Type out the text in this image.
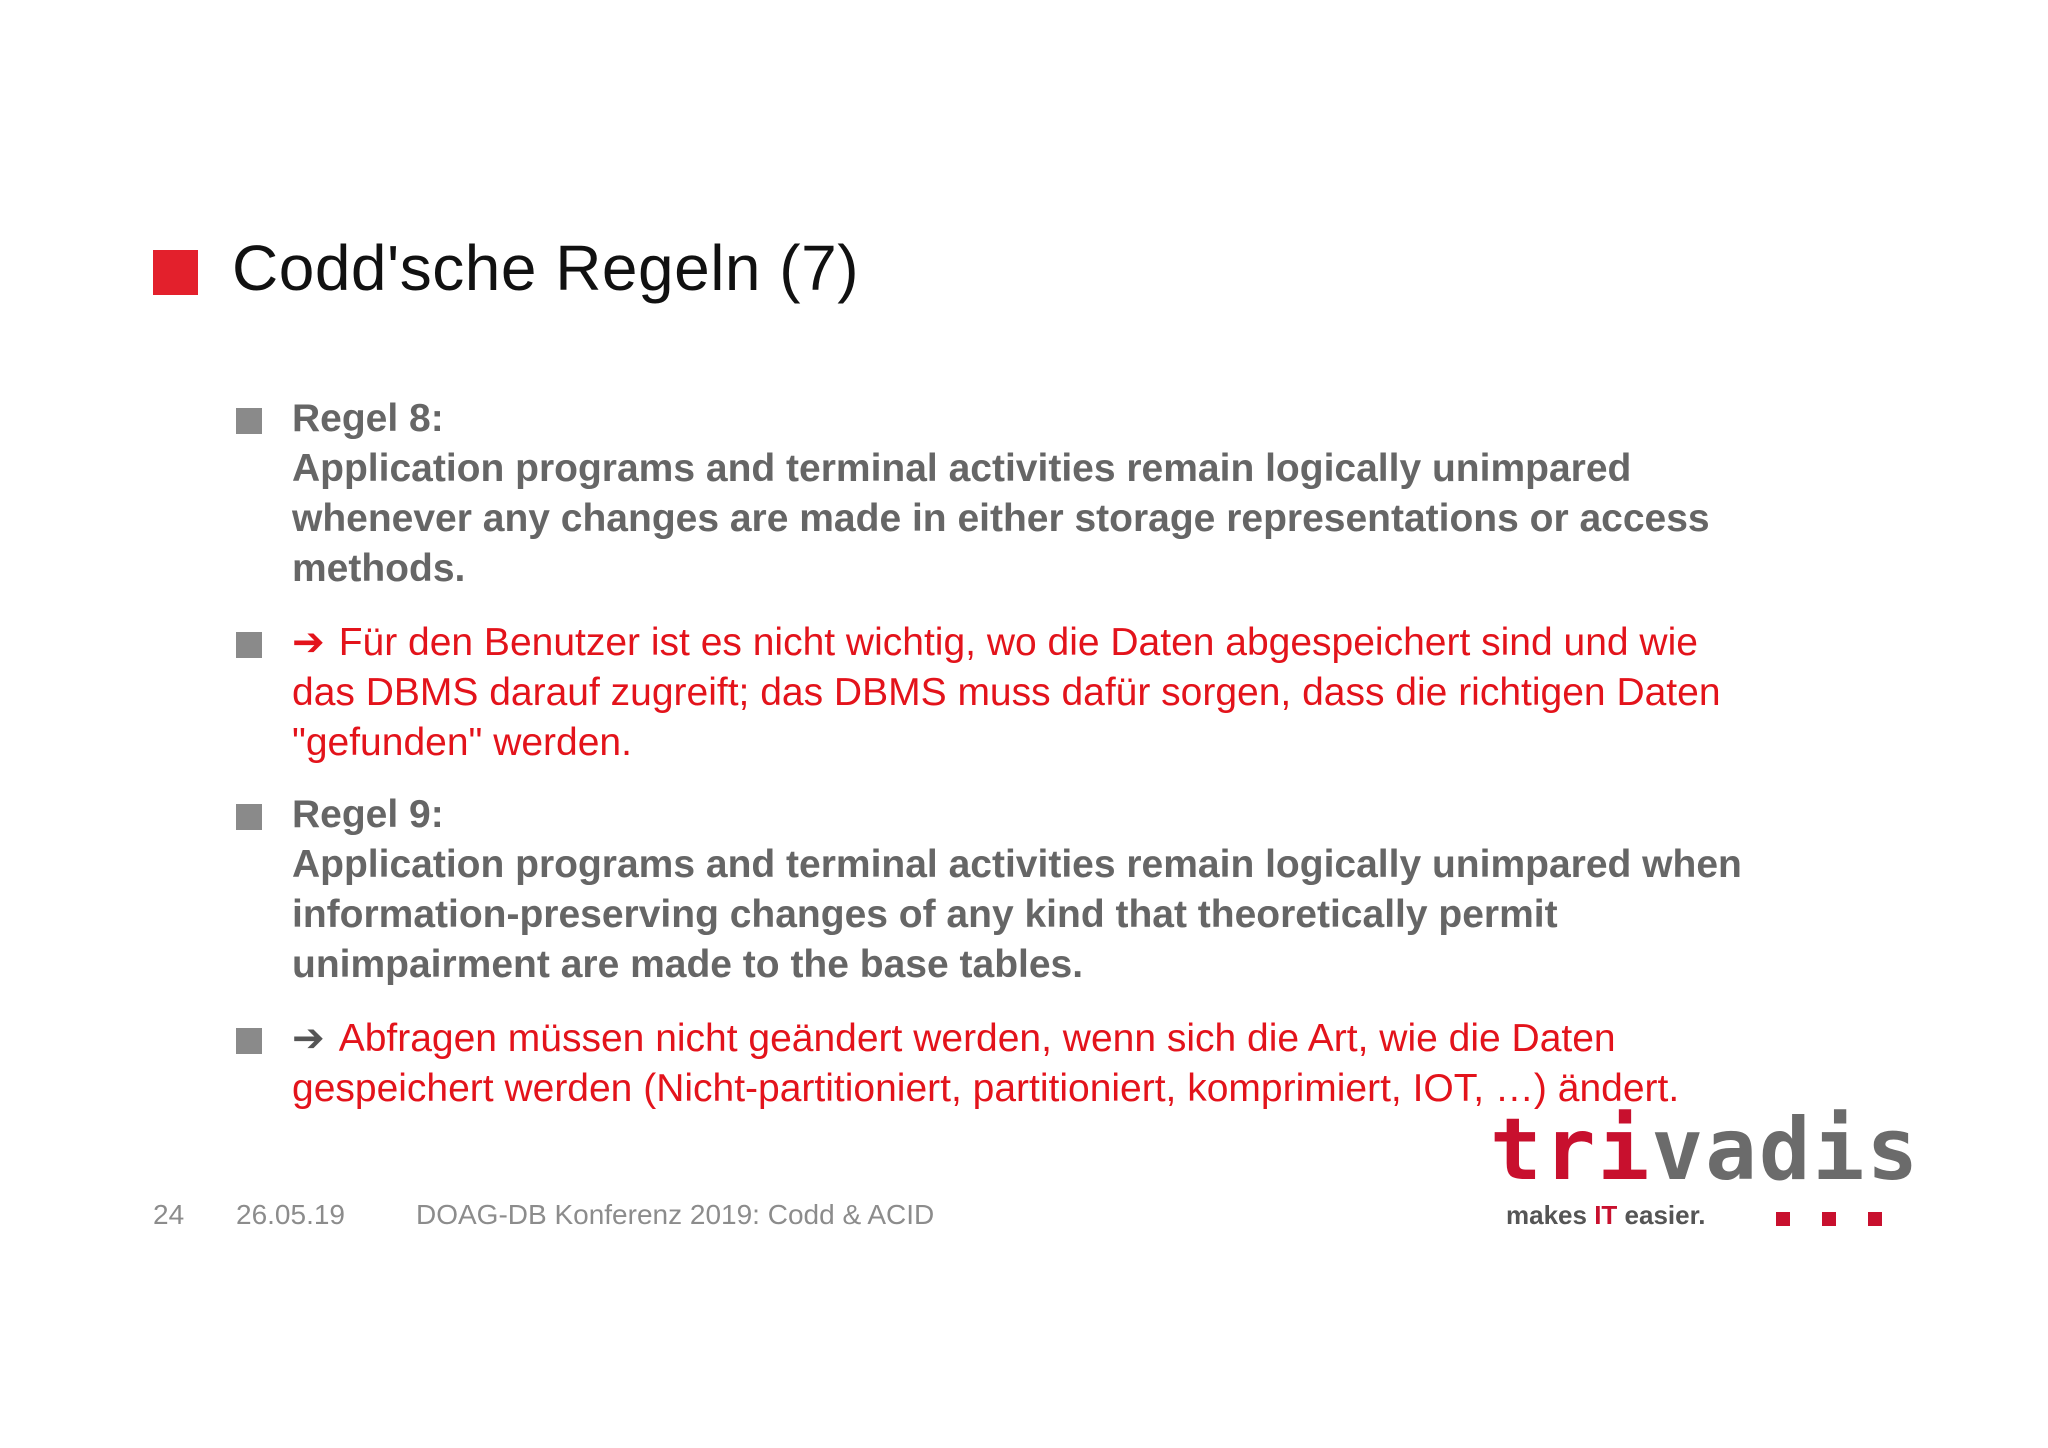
Codd'sche Regeln (7)
Regel 8:
Application programs and terminal activities remain logically unimpared
whenever any changes are made in either storage representations or access
methods.
➔ Für den Benutzer ist es nicht wichtig, wo die Daten abgespeichert sind und wie
das DBMS darauf zugreift; das DBMS muss dafür sorgen, dass die richtigen Daten
"gefunden" werden.
Regel 9:
Application programs and terminal activities remain logically unimpared when
information-preserving changes of any kind that theoretically permit
unimpairment are made to the base tables.
➔ Abfragen müssen nicht geändert werden, wenn sich die Art, wie die Daten
gespeichert werden (Nicht-partitioniert, partitioniert, komprimiert, IOT, …) ändert.
24 26.05.19	DOAG-DB Konferenz 2019: Codd & ACID
trivadis
makes IT easier.
